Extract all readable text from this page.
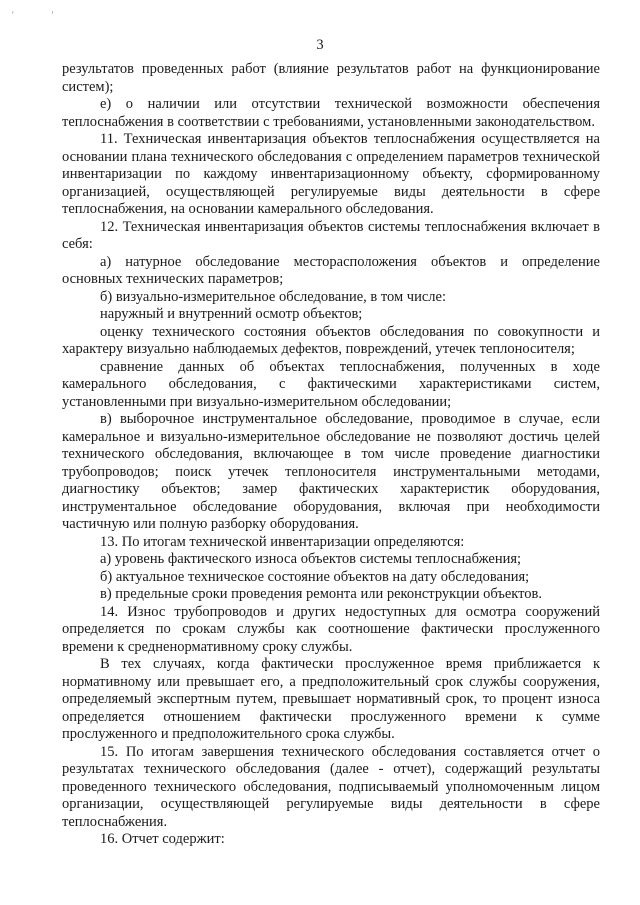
' '
3

результатов проведенных работ (влияние результатов работ на функционирование систем);

е) о наличии или отсутствии технической возможности обеспечения теплоснабжения в соответствии с требованиями, установленными законодательством.

11. Техническая инвентаризация объектов теплоснабжения осуществляется на основании плана технического обследования с определением параметров технической инвентаризации по каждому инвентаризационному объекту, сформированному организацией, осуществляющей регулируемые виды деятельности в сфере теплоснабжения, на основании камерального обследования.

12. Техническая инвентаризация объектов системы теплоснабжения включает в себя:

а) натурное обследование месторасположения объектов и определение основных технических параметров;

б) визуально-измерительное обследование, в том числе:

наружный и внутренний осмотр объектов;

оценку технического состояния объектов обследования по совокупности и характеру визуально наблюдаемых дефектов, повреждений, утечек теплоносителя;

сравнение данных об объектах теплоснабжения, полученных в ходе камерального обследования, с фактическими характеристиками систем, установленными при визуально-измерительном обследовании;

в) выборочное инструментальное обследование, проводимое в случае, если камеральное и визуально-измерительное обследование не позволяют достичь целей технического обследования, включающее в том числе проведение диагностики трубопроводов; поиск утечек теплоносителя инструментальными методами, диагностику объектов; замер фактических характеристик оборудования, инструментальное обследование оборудования, включая при необходимости частичную или полную разборку оборудования.

13. По итогам технической инвентаризации определяются:

а) уровень фактического износа объектов системы теплоснабжения;

б) актуальное техническое состояние объектов на дату обследования;

в) предельные сроки проведения ремонта или реконструкции объектов.

14. Износ трубопроводов и других недоступных для осмотра сооружений определяется по срокам службы как соотношение фактически прослуженного времени к средненормативному сроку службы.

В тех случаях, когда фактически прослуженное время приближается к нормативному или превышает его, а предположительный срок службы сооружения, определяемый экспертным путем, превышает нормативный срок, то процент износа определяется отношением фактически прослуженного времени к сумме прослуженного и предположительного срока службы.

15. По итогам завершения технического обследования составляется отчет о результатах технического обследования (далее - отчет), содержащий результаты проведенного технического обследования, подписываемый уполномоченным лицом организации, осуществляющей регулируемые виды деятельности в сфере теплоснабжения.

16. Отчет содержит:
